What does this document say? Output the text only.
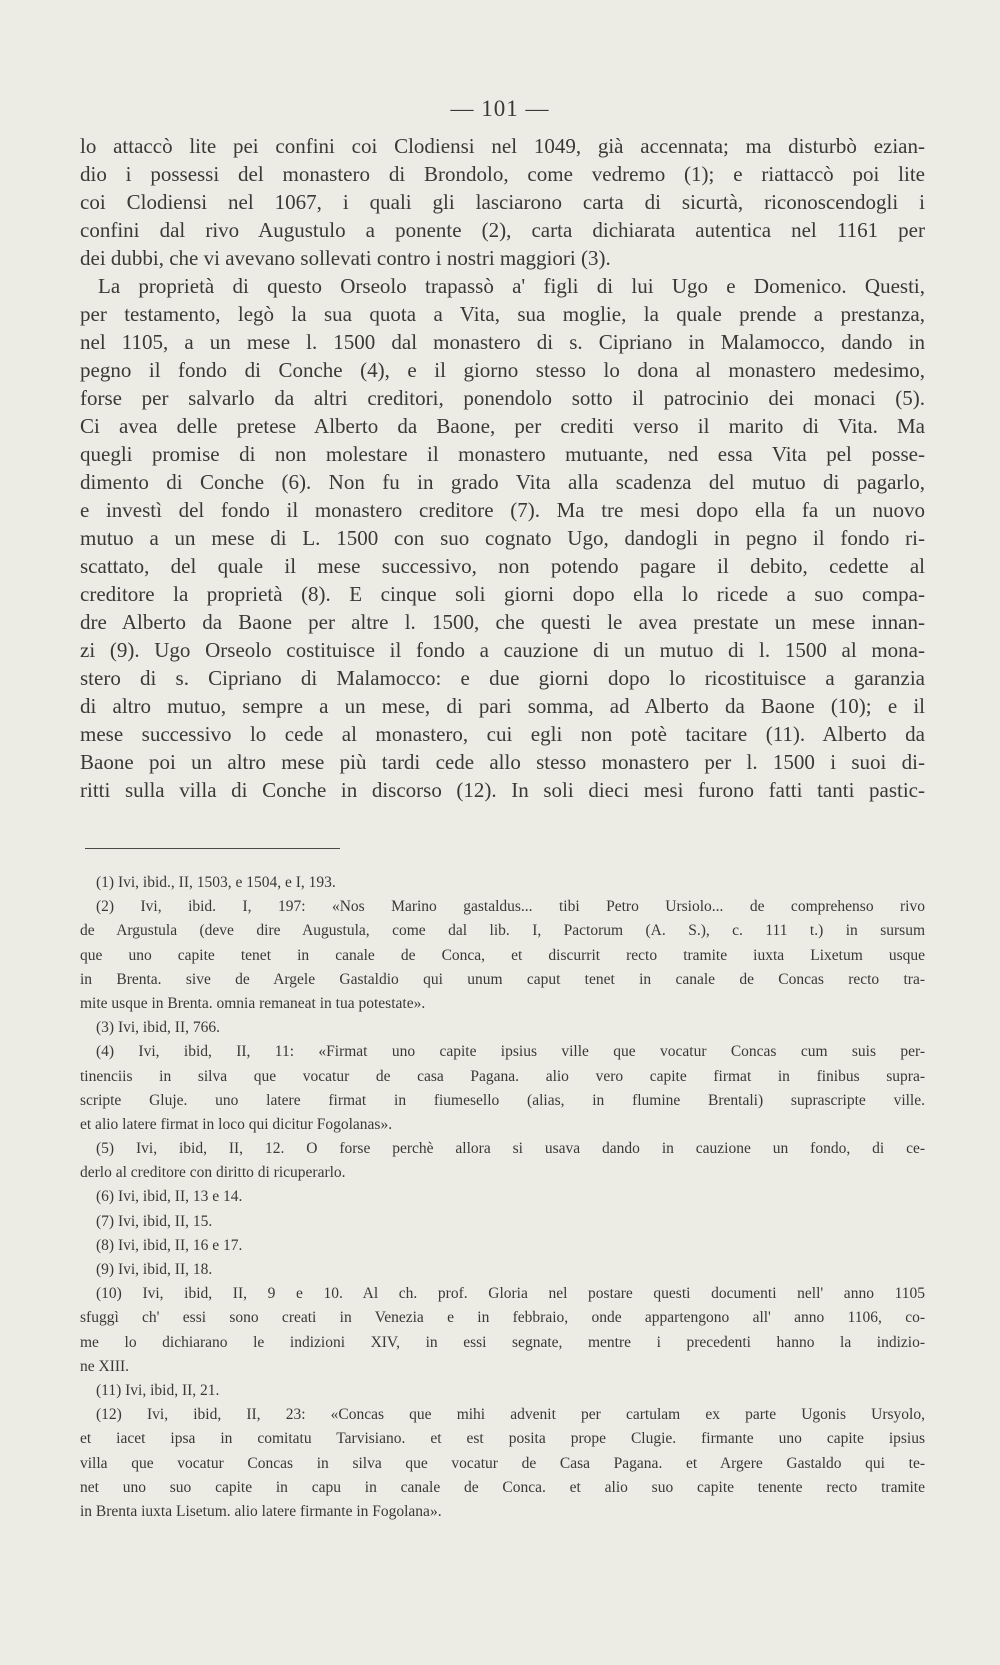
— 101 —
lo attaccò lite pei confini coi Clodiensi nel 1049, già accennata; ma disturbò ezian-
dio i possessi del monastero di Brondolo, come vedremo (1); e riattaccò poi lite
coi Clodiensi nel 1067, i quali gli lasciarono carta di sicurtà, riconoscendogli i
confini dal rivo Augustulo a ponente (2), carta dichiarata autentica nel 1161 per
dei dubbi, che vi avevano sollevati contro i nostri maggiori (3).
La proprietà di questo Orseolo trapassò a' figli di lui Ugo e Domenico. Questi,
per testamento, legò la sua quota a Vita, sua moglie, la quale prende a prestanza,
nel 1105, a un mese l. 1500 dal monastero di s. Cipriano in Malamocco, dando in
pegno il fondo di Conche (4), e il giorno stesso lo dona al monastero medesimo,
forse per salvarlo da altri creditori, ponendolo sotto il patrocinio dei monaci (5).
Ci avea delle pretese Alberto da Baone, per crediti verso il marito di Vita. Ma
quegli promise di non molestare il monastero mutuante, ned essa Vita pel posse-
dimento di Conche (6). Non fu in grado Vita alla scadenza del mutuo di pagarlo,
e investì del fondo il monastero creditore (7). Ma tre mesi dopo ella fa un nuovo
mutuo a un mese di L. 1500 con suo cognato Ugo, dandogli in pegno il fondo ri-
scattato, del quale il mese successivo, non potendo pagare il debito, cedette al
creditore la proprietà (8). E cinque soli giorni dopo ella lo ricede a suo compa-
dre Alberto da Baone per altre l. 1500, che questi le avea prestate un mese innan-
zi (9). Ugo Orseolo costituisce il fondo a cauzione di un mutuo di l. 1500 al mona-
stero di s. Cipriano di Malamocco: e due giorni dopo lo ricostituisce a garanzia
di altro mutuo, sempre a un mese, di pari somma, ad Alberto da Baone (10); e il
mese successivo lo cede al monastero, cui egli non potè tacitare (11). Alberto da
Baone poi un altro mese più tardi cede allo stesso monastero per l. 1500 i suoi di-
ritti sulla villa di Conche in discorso (12). In soli dieci mesi furono fatti tanti pastic-
(1) Ivi, ibid., II, 1503, e 1504, e I, 193.
(2) Ivi, ibid. I, 197: «Nos Marino gastaldus... tibi Petro Ursiolo... de comprehenso rivo
de Argustula (deve dire Augustula, come dal lib. I, Pactorum (A. S.), c. 111 t.) in sursum
que uno capite tenet in canale de Conca, et discurrit recto tramite iuxta Lixetum usque
in Brenta. sive de Argele Gastaldio qui unum caput tenet in canale de Concas recto tra-
mite usque in Brenta. omnia remaneat in tua potestate».
(3) Ivi, ibid, II, 766.
(4) Ivi, ibid, II, 11: «Firmat uno capite ipsius ville que vocatur Concas cum suis per-
tinenciis in silva que vocatur de casa Pagana. alio vero capite firmat in finibus supra-
scripte Gluje. uno latere firmat in fiumesello (alias, in flumine Brentali) suprascripte ville.
et alio latere firmat in loco qui dicitur Fogolanas».
(5) Ivi, ibid, II, 12. O forse perchè allora si usava dando in cauzione un fondo, di ce-
derlo al creditore con diritto di ricuperarlo.
(6) Ivi, ibid, II, 13 e 14.
(7) Ivi, ibid, II, 15.
(8) Ivi, ibid, II, 16 e 17.
(9) Ivi, ibid, II, 18.
(10) Ivi, ibid, II, 9 e 10. Al ch. prof. Gloria nel postare questi documenti nell' anno 1105
sfuggì ch' essi sono creati in Venezia e in febbraio, onde appartengono all' anno 1106, co-
me lo dichiarano le indizioni XIV, in essi segnate, mentre i precedenti hanno la indizio-
ne XIII.
(11) Ivi, ibid, II, 21.
(12) Ivi, ibid, II, 23: «Concas que mihi advenit per cartulam ex parte Ugonis Ursyolo,
et iacet ipsa in comitatu Tarvisiano. et est posita prope Clugie. firmante uno capite ipsius
villa que vocatur Concas in silva que vocatur de Casa Pagana. et Argere Gastaldo qui te-
net uno suo capite in capu in canale de Conca. et alio suo capite tenente recto tramite
in Brenta iuxta Lisetum. alio latere firmante in Fogolana».
